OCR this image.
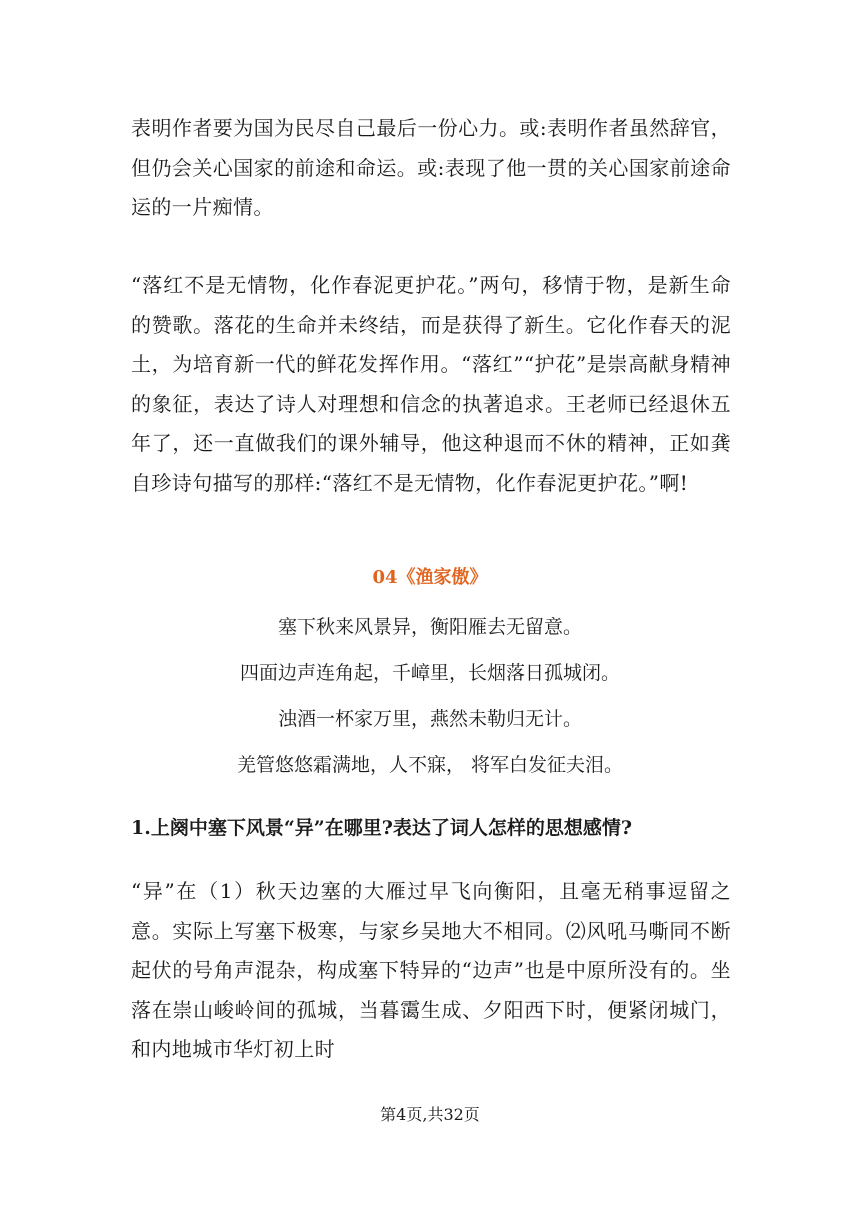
表明作者要为国为民尽自己最后一份心力。或:表明作者虽然辞官，但仍会关心国家的前途和命运。或:表现了他一贯的关心国家前途命运的一片痴情。

“落红不是无情物，化作春泥更护花。”两句，移情于物，是新生命的赞歌。落花的生命并未终结，而是获得了新生。它化作春天的泥土，为培育新一代的鲜花发挥作用。“落红”“护花”是崇高献身精神的象征，表达了诗人对理想和信念的执著追求。王老师已经退休五年了，还一直做我们的课外辅导，他这种退而不休的精神，正如龚自珍诗句描写的那样:“落红不是无情物，化作春泥更护花。”啊!

04《渔家傲》
塞下秋来风景异，衡阳雁去无留意。
四面边声连角起，千嶂里，长烟落日孤城闭。
浊酒一杯家万里，燕然未勒归无计。
羌管悠悠霜满地，人不寐， 将军白发征夫泪。
1.上阕中塞下风景“异”在哪里?表达了词人怎样的思想感情?

“异”在（1）秋天边塞的大雁过早飞向衡阳，且毫无稍事逗留之意。实际上写塞下极寒，与家乡吴地大不相同。⑵风吼马嘶同不断起伏的号角声混杂，构成塞下特异的“边声”也是中原所没有的。坐落在崇山峻岭间的孤城，当暮霭生成、夕阳西下时，便紧闭城门，和内地城市华灯初上时

第4页,共32页
